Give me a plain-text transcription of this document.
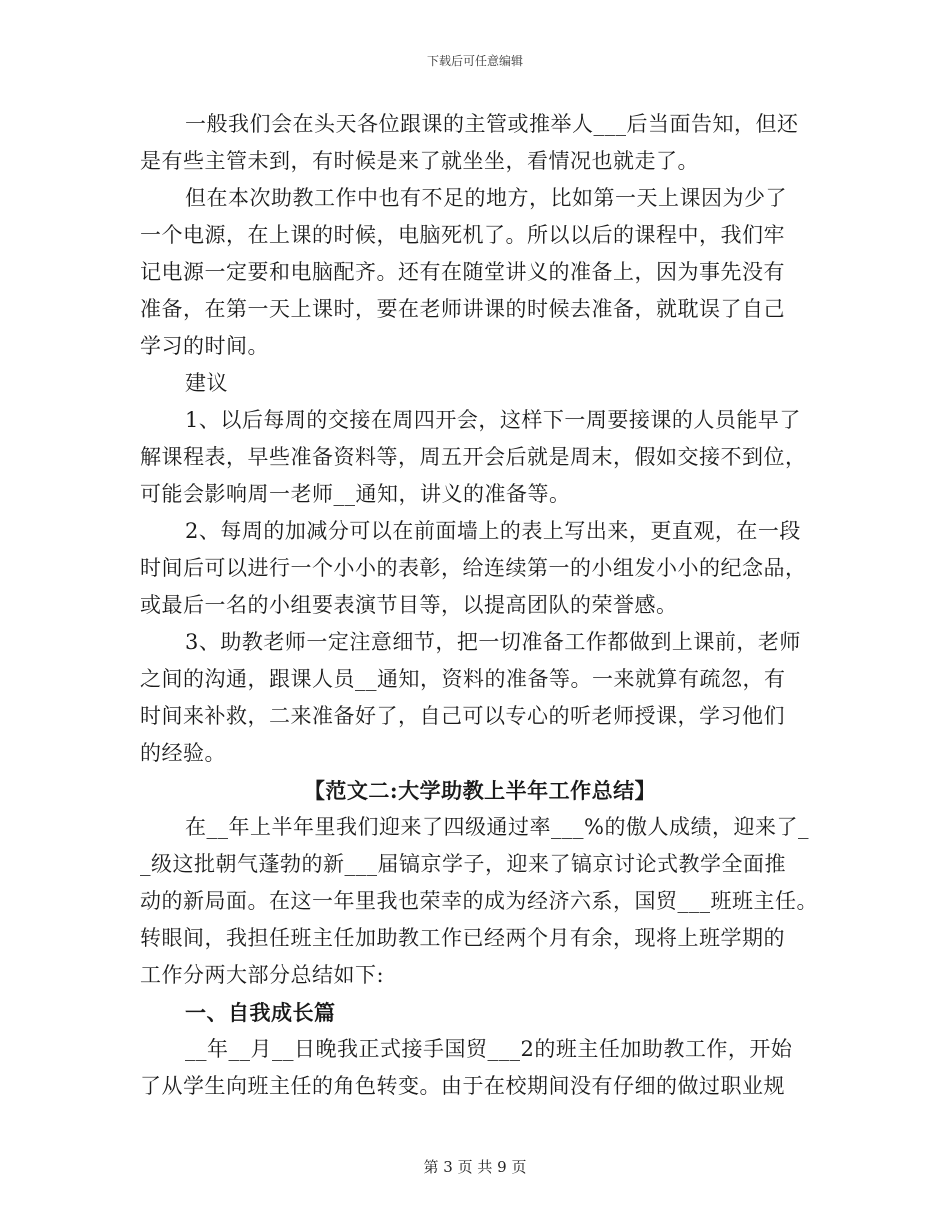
下载后可任意编辑
一般我们会在头天各位跟课的主管或推举人___后当面告知，但还
是有些主管未到，有时候是来了就坐坐，看情况也就走了。
但在本次助教工作中也有不足的地方，比如第一天上课因为少了
一个电源，在上课的时候，电脑死机了。所以以后的课程中，我们牢
记电源一定要和电脑配齐。还有在随堂讲义的准备上，因为事先没有
准备，在第一天上课时，要在老师讲课的时候去准备，就耽误了自己
学习的时间。
建议
1、以后每周的交接在周四开会，这样下一周要接课的人员能早了
解课程表，早些准备资料等，周五开会后就是周末，假如交接不到位，
可能会影响周一老师__通知，讲义的准备等。
2、每周的加减分可以在前面墙上的表上写出来，更直观，在一段
时间后可以进行一个小小的表彰，给连续第一的小组发小小的纪念品，
或最后一名的小组要表演节目等，以提高团队的荣誉感。
3、助教老师一定注意细节，把一切准备工作都做到上课前，老师
之间的沟通，跟课人员__通知，资料的准备等。一来就算有疏忽，有
时间来补救，二来准备好了，自己可以专心的听老师授课，学习他们
的经验。
【范文二:大学助教上半年工作总结】
在__年上半年里我们迎来了四级通过率___%的傲人成绩，迎来了_
_级这批朝气蓬勃的新___届镐京学子，迎来了镐京讨论式教学全面推
动的新局面。在这一年里我也荣幸的成为经济六系，国贸___班班主任。
转眼间，我担任班主任加助教工作已经两个月有余，现将上班学期的
工作分两大部分总结如下:
一、自我成长篇
__年__月__日晚我正式接手国贸___2的班主任加助教工作，开始
了从学生向班主任的角色转变。由于在校期间没有仔细的做过职业规
第 3 页 共 9 页
